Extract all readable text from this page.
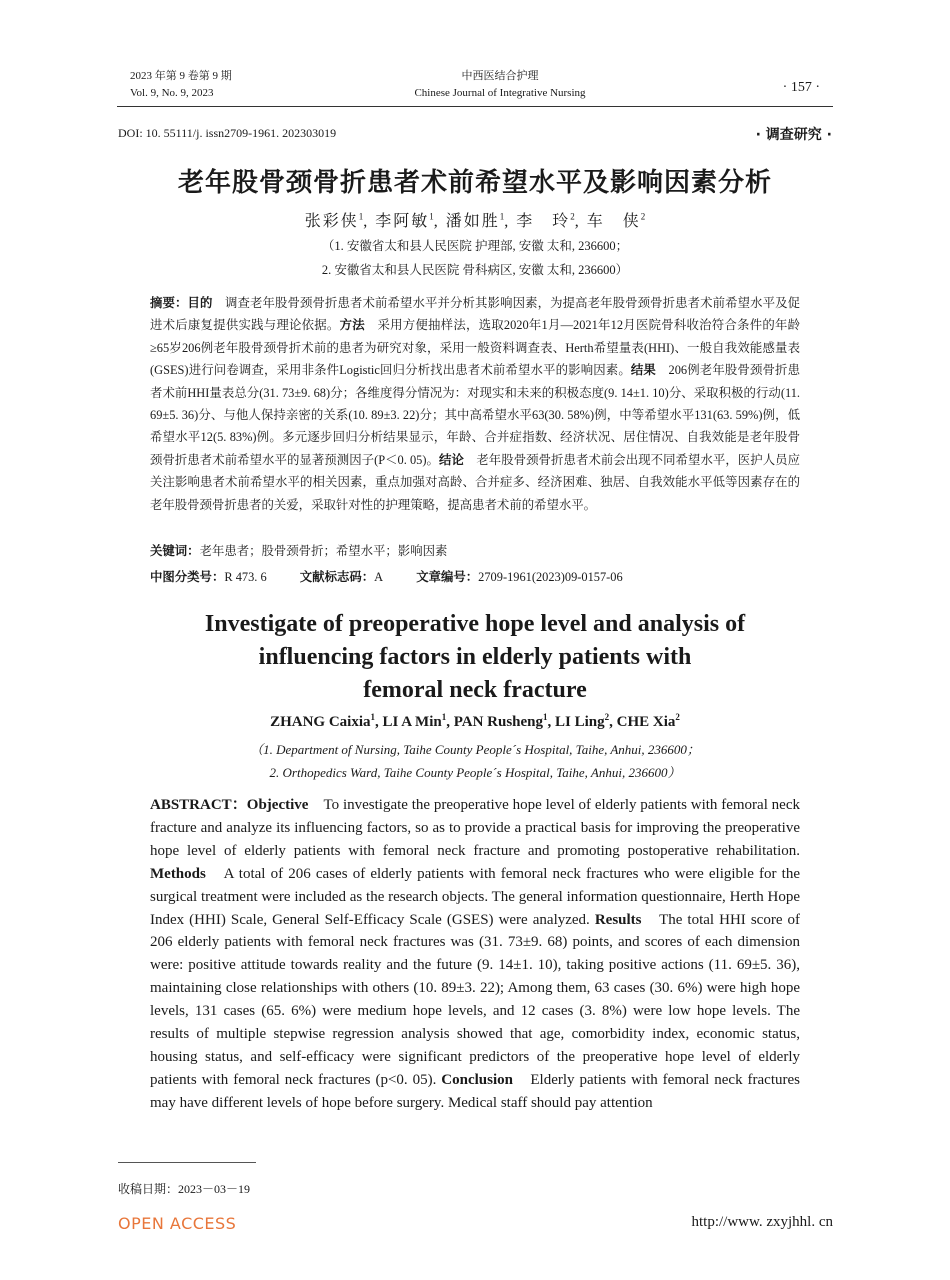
2023 年第 9 卷第 9 期
Vol. 9, No. 9, 2023
中西医结合护理
Chinese Journal of Integrative Nursing	· 157 ·
DOI: 10. 55111/j. issn2709-1961. 202303019	· 调查研究 ·
老年股骨颈骨折患者术前希望水平及影响因素分析
张彩侠$^1$, 李阿敏$^1$, 潘如胜$^1$, 李　玲$^2$, 车　侠$^2$
（1. 安徽省太和县人民医院 护理部, 安徽 太和, 236600；
2. 安徽省太和县人民医院 骨科病区, 安徽 太和, 236600）
摘要：目的　调查老年股骨颈骨折患者术前希望水平并分析其影响因素，为提高老年股骨颈骨折患者术前希望水平及促进术后康复提供实践与理论依据。方法　采用方便抽样法，选取2020年1月—2021年12月医院骨科收治符合条件的年龄≥65岁206例老年股骨颈骨折术前的患者为研究对象，采用一般资料调查表、Herth希望量表(HHI)、一般自我效能感量表(GSES)进行问卷调查，采用非条件Logistic回归分析找出患者术前希望水平的影响因素。结果　206例老年股骨颈骨折患者术前HHI量表总分(31. 73±9. 68)分；各维度得分情况为：对现实和未来的积极态度(9. 14±1. 10)分、采取积极的行动(11. 69±5. 36)分、与他人保持亲密的关系(10. 89±3. 22)分；其中高希望水平63(30. 58%)例，中等希望水平131(63. 59%)例，低希望水平12(5. 83%)例。多元逐步回归分析结果显示，年龄、合并症指数、经济状况、居住情况、自我效能是老年股骨颈骨折患者术前希望水平的显著预测因子(P＜0. 05)。结论　老年股骨颈骨折患者术前会出现不同希望水平，医护人员应关注影响患者术前希望水平的相关因素，重点加强对高龄、合并症多、经济困难、独居、自我效能水平低等因素存在的老年股骨颈骨折患者的关爱，采取针对性的护理策略，提高患者术前的希望水平。
关键词：老年患者；股骨颈骨折；希望水平；影响因素
中图分类号：R 473. 6	文献标志码：A	文章编号：2709-1961(2023)09-0157-06
Investigate of preoperative hope level and analysis of
influencing factors in elderly patients with
femoral neck fracture
ZHANG Caixia$^1$, LI A Min$^1$, PAN Rusheng$^1$, LI Ling$^2$, CHE Xia$^2$
（1. Department of Nursing, Taihe County People´s Hospital, Taihe, Anhui, 236600；
2. Orthopedics Ward, Taihe County People´s Hospital, Taihe, Anhui, 236600）
ABSTRACT：Objective　To investigate the preoperative hope level of elderly patients with femoral neck fracture and analyze its influencing factors, so as to provide a practical basis for improving the preoperative hope level of elderly patients with femoral neck fracture and promoting postoperative rehabilitation. Methods　A total of 206 cases of elderly patients with femoral neck fractures who were eligible for the surgical treatment were included as the research objects. The general information questionnaire, Herth Hope Index (HHI) Scale, General Self-Efficacy Scale (GSES) were analyzed. Results　The total HHI score of 206 elderly patients with femoral neck fractures was (31. 73±9. 68) points, and scores of each dimension were: positive attitude towards reality and the future (9. 14±1. 10), taking positive actions (11. 69±5. 36), maintaining close relationships with others (10. 89±3. 22); Among them, 63 cases (30. 6%) were high hope levels, 131 cases (65. 6%) were medium hope levels, and 12 cases (3. 8%) were low hope levels. The results of multiple stepwise regression analysis showed that age, comorbidity index, economic status, housing status, and self-efficacy were significant predictors of the preoperative hope level of elderly patients with femoral neck fractures (p<0. 05). Conclusion　Elderly patients with femoral neck fractures may have different levels of hope before surgery. Medical staff should pay attention
收稿日期：2023－03－19
OPEN ACCESS	http://www. zxyjhhl. cn
